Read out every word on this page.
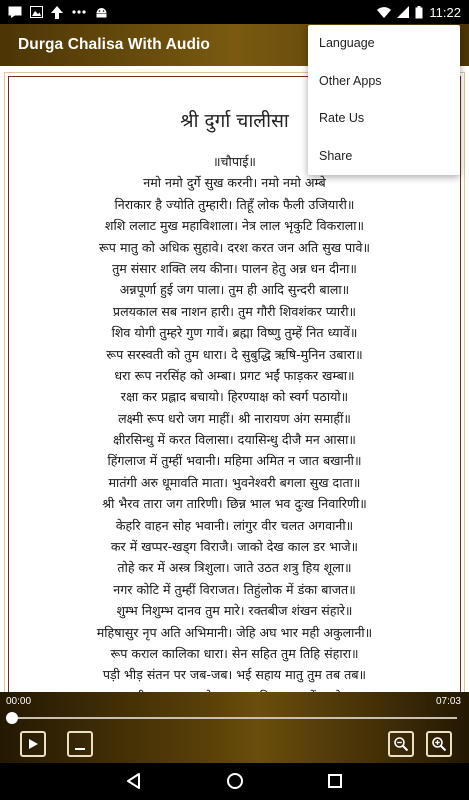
11:22
Durga Chalisa With Audio
श्री दुर्गा चालीसा
॥चौपाई॥
नमो नमो दुर्गे सुख करनी। नमो नमो अम्बे
निराकार है ज्योति तुम्हारी। तिहूँ लोक फैली उजियारी॥
शशि ललाट मुख महाविशाला। नेत्र लाल भृकुटि विकराला॥
रूप मातु को अधिक सुहावे। दरश करत जन अति सुख पावे॥
तुम संसार शक्ति लय कीना। पालन हेतु अन्न धन दीना॥
अन्नपूर्णा हुई जग पाला। तुम ही आदि सुन्दरी बाला॥
प्रलयकाल सब नाशन हारी। तुम गौरी शिवशंकर प्यारी॥
शिव योगी तुम्हरे गुण गावें। ब्रह्मा विष्णु तुम्हें नित ध्यावें॥
रूप सरस्वती को तुम धारा। दे सुबुद्धि ऋषि-मुनिन उबारा॥
धरा रूप नरसिंह को अम्बा। प्रगट भईं फाड़कर खम्बा॥
रक्षा कर प्रह्लाद बचायो। हिरण्याक्ष को स्वर्ग पठायो॥
लक्ष्मी रूप धरो जग माहीं। श्री नारायण अंग समाहीं॥
क्षीरसिन्धु में करत विलासा। दयासिन्धु दीजै मन आसा॥
हिंगलाज में तुम्हीं भवानी। महिमा अमित न जात बखानी॥
मातंगी अरु धूमावति माता। भुवनेश्वरी बगला सुख दाता॥
श्री भैरव तारा जग तारिणी। छिन्न भाल भव दुःख निवारिणी॥
केहरि वाहन सोह भवानी। लांगुर वीर चलत अगवानी॥
कर में खप्पर-खड्ग विराजै। जाको देख काल डर भाजे॥
तोहे कर में अस्त्र त्रिशुला। जाते उठत शत्रु हिय शूला॥
नगर कोटि में तुम्हीं विराजत। तिहुंलोक में डंका बाजत॥
शुम्भ निशुम्भ दानव तुम मारे। रक्तबीज शंखन संहारे॥
महिषासुर नृप अति अभिमानी। जेहि अघ भार मही अकुलानी॥
रूप कराल कालिका धारा। सेन सहित तुम तिहि संहारा॥
पड़ी भीड़ संतन पर जब-जब। भई सहाय मातु तुम तब तब॥
Language
Other Apps
Rate Us
Share
00:00	07:03
